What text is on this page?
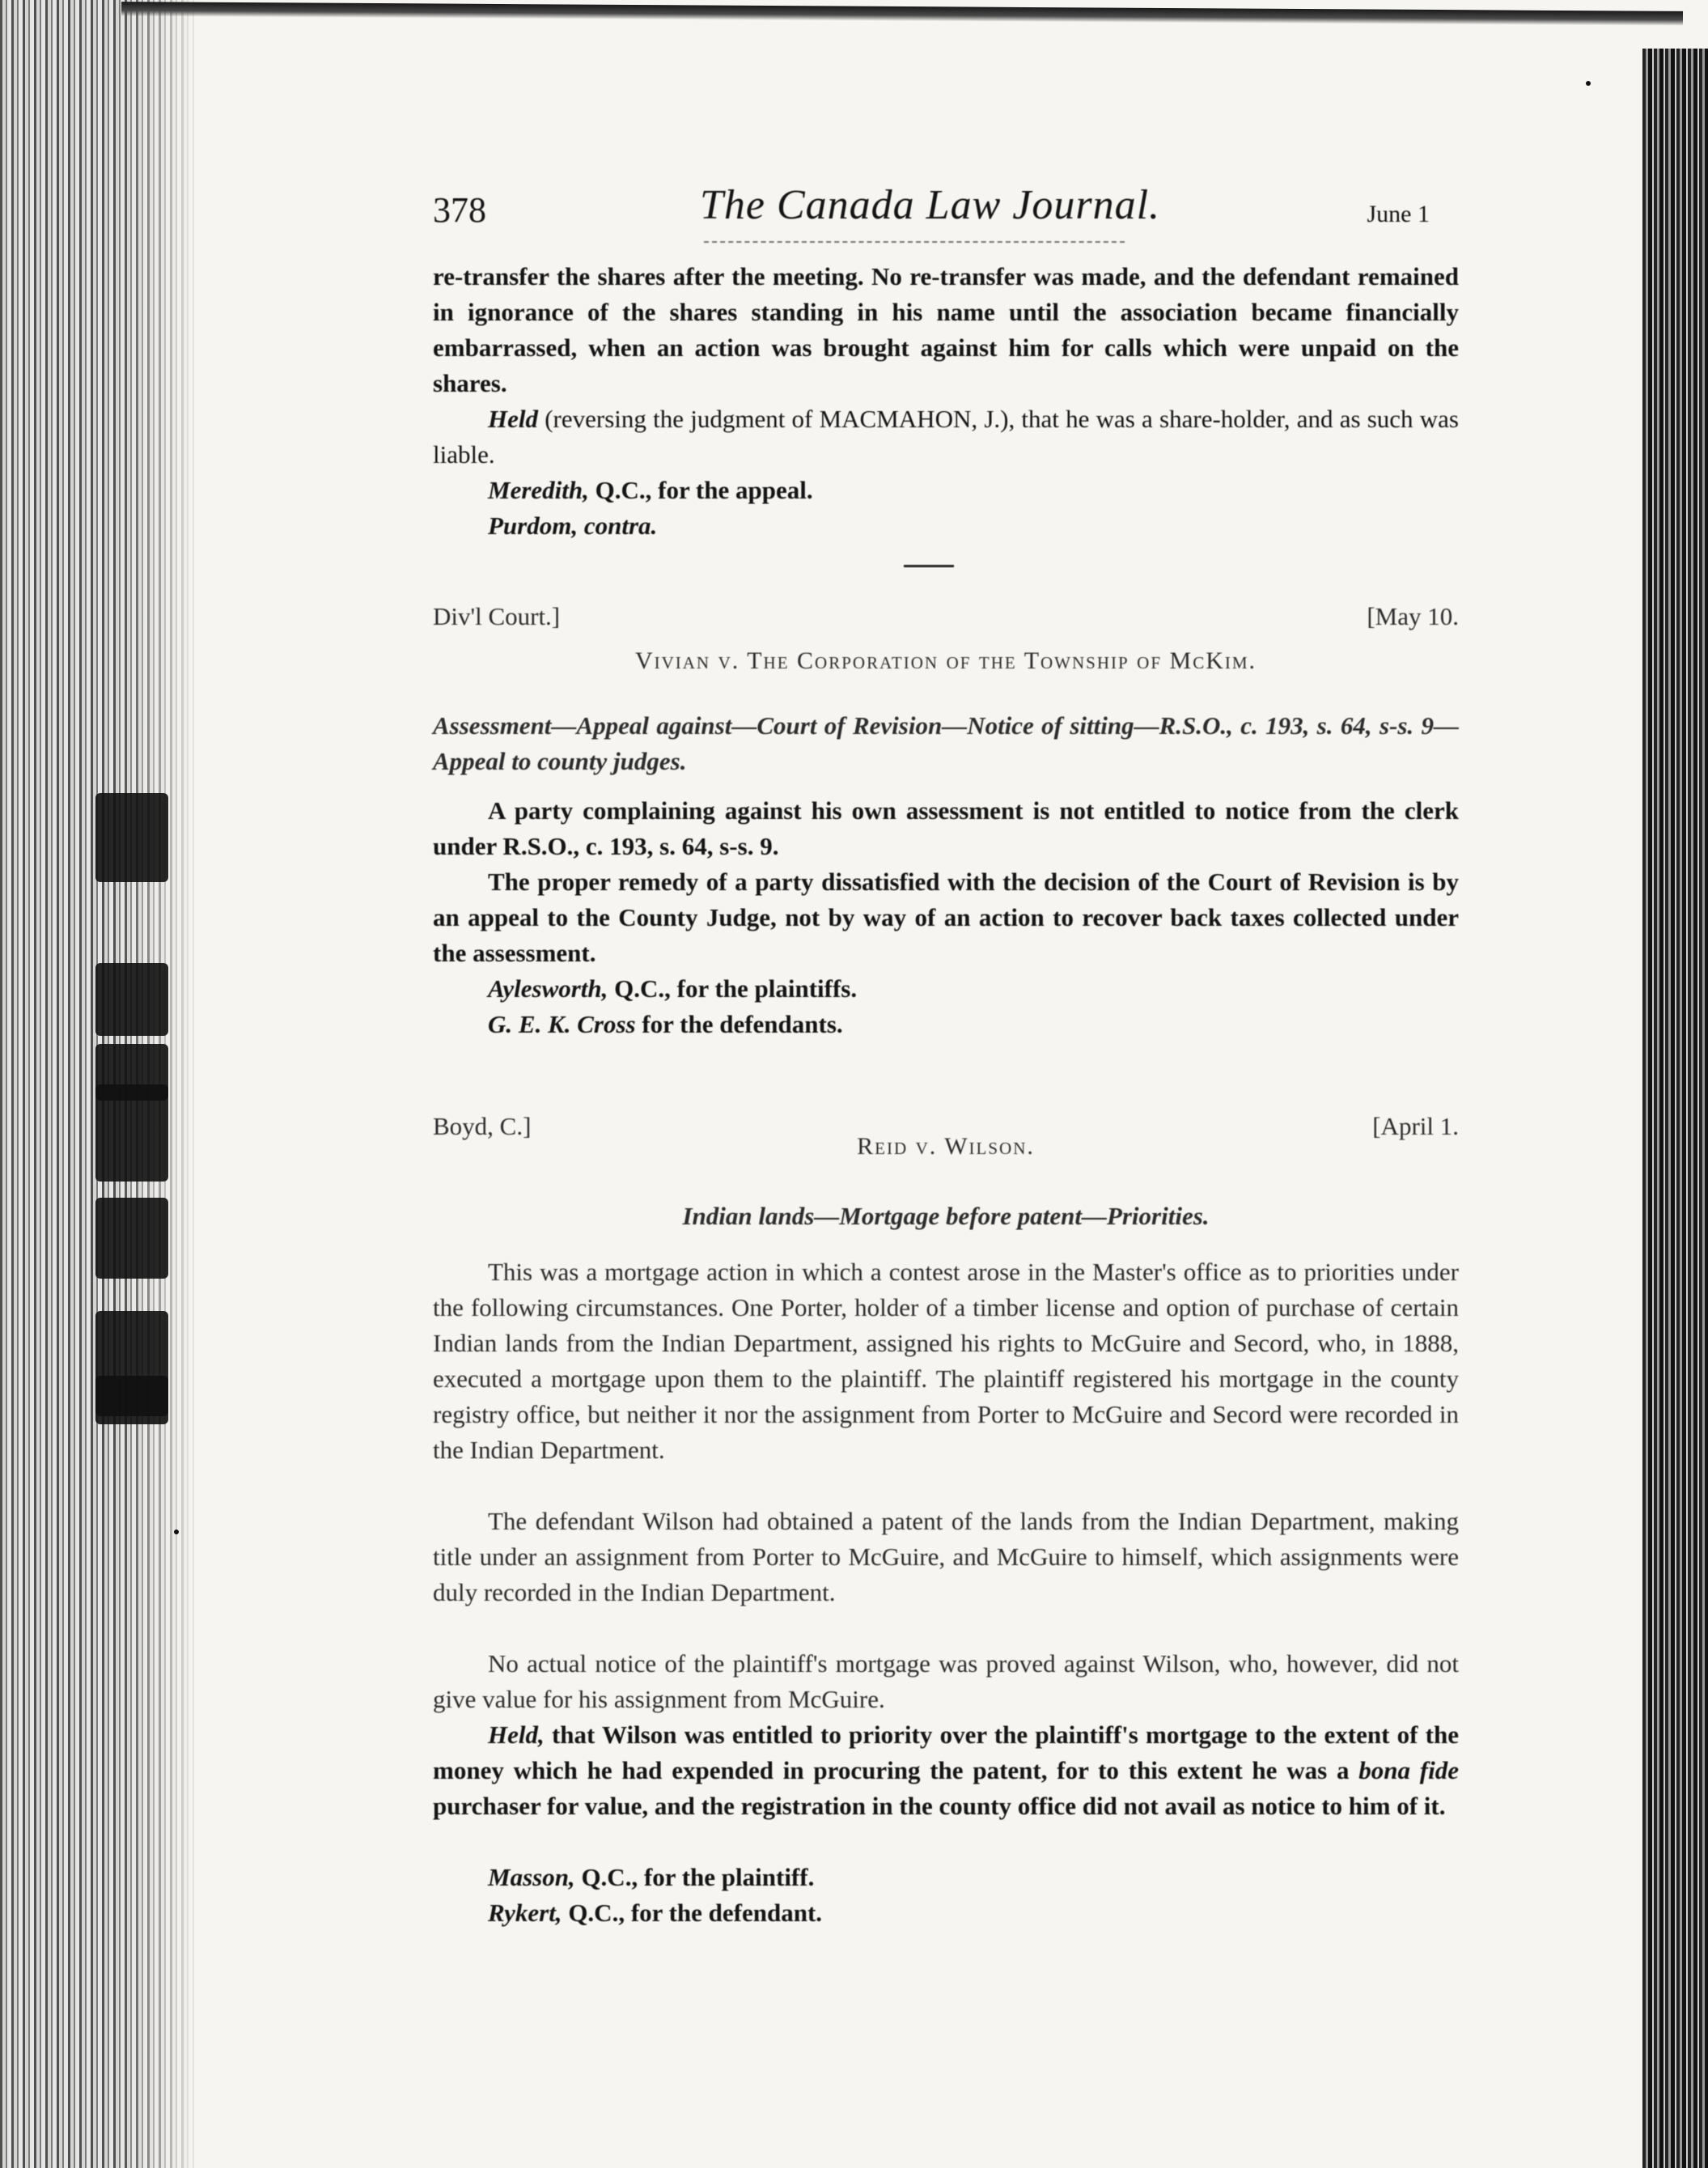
378	The Canada Law Journal.	June 1
re-transfer the shares after the meeting. No re-transfer was made, and the defendant remained in ignorance of the shares standing in his name until the association became financially embarrassed, when an action was brought against him for calls which were unpaid on the shares.
Held (reversing the judgment of MACMAHON, J.), that he was a share-holder, and as such was liable.
Meredith, Q.C., for the appeal.
Purdom, contra.
Div'l Court.]	[May 10.
Vivian v. The Corporation of the Township of McKim.
Assessment—Appeal against—Court of Revision—Notice of sitting—R.S.O., c. 193, s. 64, s-s. 9—Appeal to county judges.
A party complaining against his own assessment is not entitled to notice from the clerk under R.S.O., c. 193, s. 64, s-s. 9.
The proper remedy of a party dissatisfied with the decision of the Court of Revision is by an appeal to the County Judge, not by way of an action to recover back taxes collected under the assessment.
Aylesworth, Q.C., for the plaintiffs.
G. E. K. Cross for the defendants.
Boyd, C.]	[April 1.
Reid v. Wilson.
Indian lands—Mortgage before patent—Priorities.
This was a mortgage action in which a contest arose in the Master's office as to priorities under the following circumstances. One Porter, holder of a timber license and option of purchase of certain Indian lands from the Indian Department, assigned his rights to McGuire and Secord, who, in 1888, executed a mortgage upon them to the plaintiff. The plaintiff registered his mortgage in the county registry office, but neither it nor the assignment from Porter to McGuire and Secord were recorded in the Indian Department.
The defendant Wilson had obtained a patent of the lands from the Indian Department, making title under an assignment from Porter to McGuire, and McGuire to himself, which assignments were duly recorded in the Indian Department.
No actual notice of the plaintiff's mortgage was proved against Wilson, who, however, did not give value for his assignment from McGuire.
Held, that Wilson was entitled to priority over the plaintiff's mortgage to the extent of the money which he had expended in procuring the patent, for to this extent he was a bona fide purchaser for value, and the registration in the county office did not avail as notice to him of it.
Masson, Q.C., for the plaintiff.
Rykert, Q.C., for the defendant.
